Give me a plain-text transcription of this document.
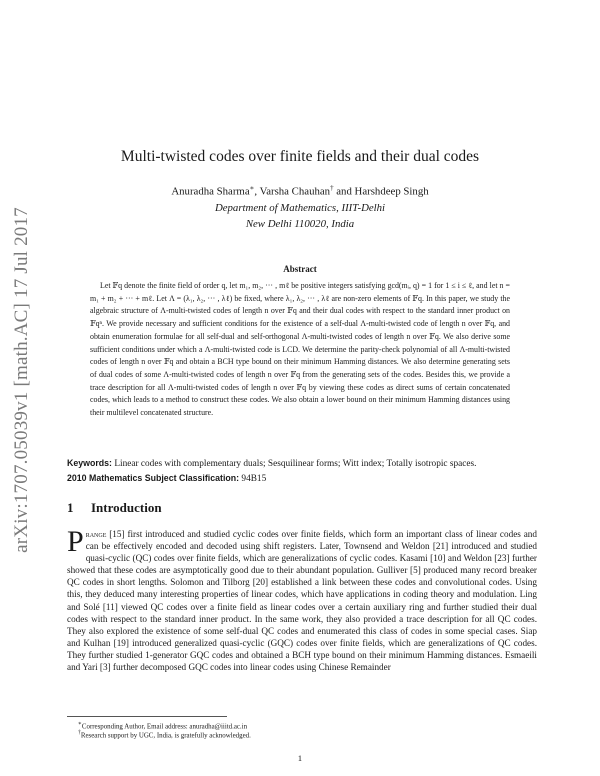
arXiv:1707.05039v1 [math.AC] 17 Jul 2017
Multi-twisted codes over finite fields and their dual codes
Anuradha Sharma∗, Varsha Chauhan† and Harshdeep Singh
Department of Mathematics, IIIT-Delhi
New Delhi 110020, India
Abstract

Let 𝔽q denote the finite field of order q, let m₁, m₂, ··· , mℓ be positive integers satisfying gcd(mᵢ, q) = 1 for 1 ≤ i ≤ ℓ, and let n = m₁ + m₂ + ··· + mℓ. Let Λ = (λ₁, λ₂, ··· , λℓ) be fixed, where λ₁, λ₂, ··· , λℓ are non-zero elements of 𝔽q. In this paper, we study the algebraic structure of Λ-multi-twisted codes of length n over 𝔽q and their dual codes with respect to the standard inner product on 𝔽qⁿ. We provide necessary and sufficient conditions for the existence of a self-dual Λ-multi-twisted code of length n over 𝔽q, and obtain enumeration formulae for all self-dual and self-orthogonal Λ-multi-twisted codes of length n over 𝔽q. We also derive some sufficient conditions under which a Λ-multi-twisted code is LCD. We determine the parity-check polynomial of all Λ-multi-twisted codes of length n over 𝔽q and obtain a BCH type bound on their minimum Hamming distances. We also determine generating sets of dual codes of some Λ-multi-twisted codes of length n over 𝔽q from the generating sets of the codes. Besides this, we provide a trace description for all Λ-multi-twisted codes of length n over 𝔽q by viewing these codes as direct sums of certain concatenated codes, which leads to a method to construct these codes. We also obtain a lower bound on their minimum Hamming distances using their multilevel concatenated structure.

Keywords: Linear codes with complementary duals; Sesquilinear forms; Witt index; Totally isotropic spaces.
2010 Mathematics Subject Classification: 94B15
1 Introduction

Prange [15] first introduced and studied cyclic codes over finite fields, which form an important class of linear codes and can be effectively encoded and decoded using shift registers. Later, Townsend and Weldon [21] introduced and studied quasi-cyclic (QC) codes over finite fields, which are generalizations of cyclic codes. Kasami [10] and Weldon [23] further showed that these codes are asymptotically good due to their abundant population. Gulliver [5] produced many record breaker QC codes in short lengths. Solomon and Tilborg [20] established a link between these codes and convolutional codes. Using this, they deduced many interesting properties of linear codes, which have applications in coding theory and modulation. Ling and Solé [11] viewed QC codes over a finite field as linear codes over a certain auxiliary ring and further studied their dual codes with respect to the standard inner product. In the same work, they also provided a trace description for all QC codes. They also explored the existence of some self-dual QC codes and enumerated this class of codes in some special cases. Siap and Kulhan [19] introduced generalized quasi-cyclic (GQC) codes over finite fields, which are generalizations of QC codes. They further studied 1-generator GQC codes and obtained a BCH type bound on their minimum Hamming distances. Esmaeili and Yari [3] further decomposed GQC codes into linear codes using Chinese Remainder

∗Corresponding Author, Email address: anuradha@iiitd.ac.in
†Research support by UGC, India, is gratefully acknowledged.
1
